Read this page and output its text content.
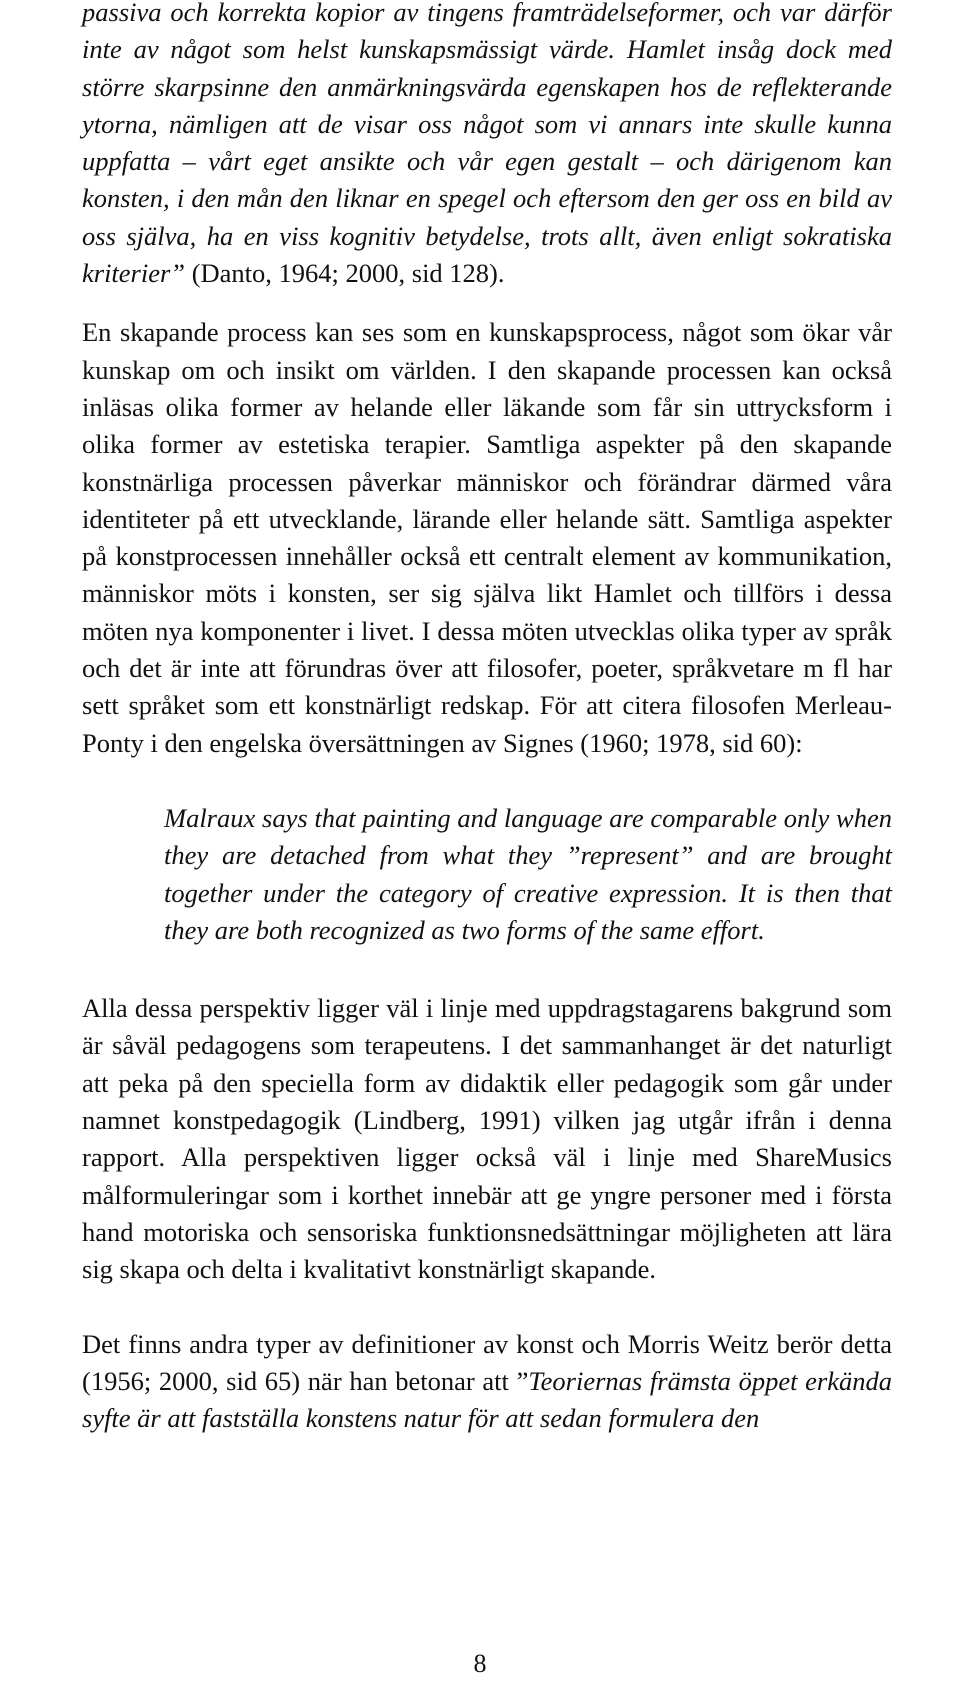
passiva och korrekta kopior av tingens framträdelseformer, och var därför inte av något som helst kunskapsmässigt värde. Hamlet insåg dock med större skarpsinne den anmärkningsvärda egenskapen hos de reflekterande ytorna, nämligen att de visar oss något som vi annars inte skulle kunna uppfatta – vårt eget ansikte och vår egen gestalt – och därigenom kan konsten, i den mån den liknar en spegel och eftersom den ger oss en bild av oss själva, ha en viss kognitiv betydelse, trots allt, även enligt sokratiska kriterier” (Danto, 1964; 2000, sid 128).

En skapande process kan ses som en kunskapsprocess, något som ökar vår kunskap om och insikt om världen. I den skapande processen kan också inläsas olika former av helande eller läkande som får sin uttrycksform i olika former av estetiska terapier. Samtliga aspekter på den skapande konstnärliga processen påverkar människor och förändrar därmed våra identiteter på ett utvecklande, lärande eller helande sätt. Samtliga aspekter på konstprocessen innehåller också ett centralt element av kommunikation, människor möts i konsten, ser sig själva likt Hamlet och tillförs i dessa möten nya komponenter i livet. I dessa möten utvecklas olika typer av språk och det är inte att förundras över att filosofer, poeter, språkvetare m fl har sett språket som ett konstnärligt redskap. För att citera filosofen Merleau-Ponty i den engelska översättningen av Signes (1960; 1978, sid 60):

Malraux says that painting and language are comparable only when they are detached from what they ”represent” and are brought together under the category of creative expression. It is then that they are both recognized as two forms of the same effort.

Alla dessa perspektiv ligger väl i linje med uppdragstagarens bakgrund som är såväl pedagogens som terapeutens. I det sammanhanget är det naturligt att peka på den speciella form av didaktik eller pedagogik som går under namnet konstpedagogik (Lindberg, 1991) vilken jag utgår ifrån i denna rapport. Alla perspektiven ligger också väl i linje med ShareMusics målformuleringar som i korthet innebär att ge yngre personer med i första hand motoriska och sensoriska funktionsnedsättningar möjligheten att lära sig skapa och delta i kvalitativt konstnärligt skapande.

Det finns andra typer av definitioner av konst och Morris Weitz berör detta (1956; 2000, sid 65) när han betonar att ”Teoriernas främsta öppet erkända syfte är att fastställa konstens natur för att sedan formulera den

8
